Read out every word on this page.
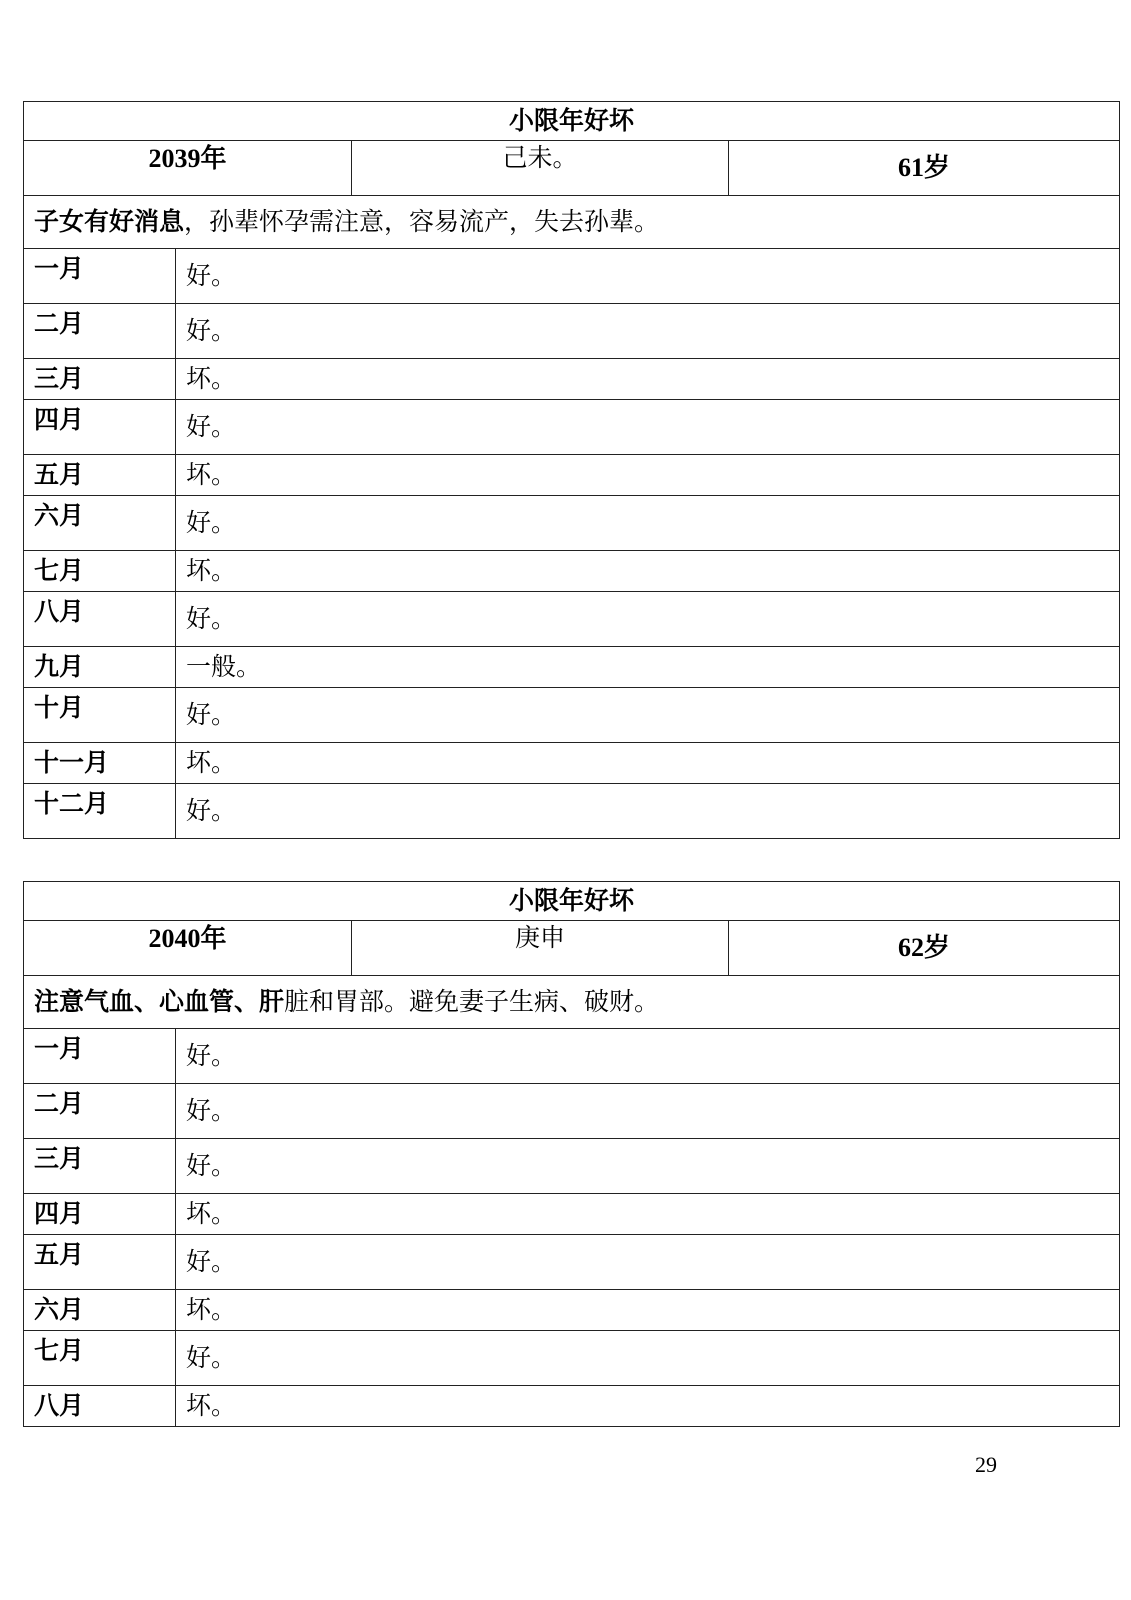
小限年好坏			
2039年		己未。	61岁
子女有好消息，孙辈怀孕需注意，容易流产，失去孙辈。			
一月	好。		
二月	好。		
三月	坏。		
四月	好。		
五月	坏。		
六月	好。		
七月	坏。		
八月	好。		
九月	一般。		
十月	好。		
十一月	坏。		
十二月	好。		
小限年好坏			
2040年		庚申	62岁
注意气血、心血管、肝脏和胃部。避免妻子生病、破财。			
一月	好。		
二月	好。		
三月	好。		
四月	坏。		
五月	好。		
六月	坏。		
七月	好。		
八月	坏。		
29
